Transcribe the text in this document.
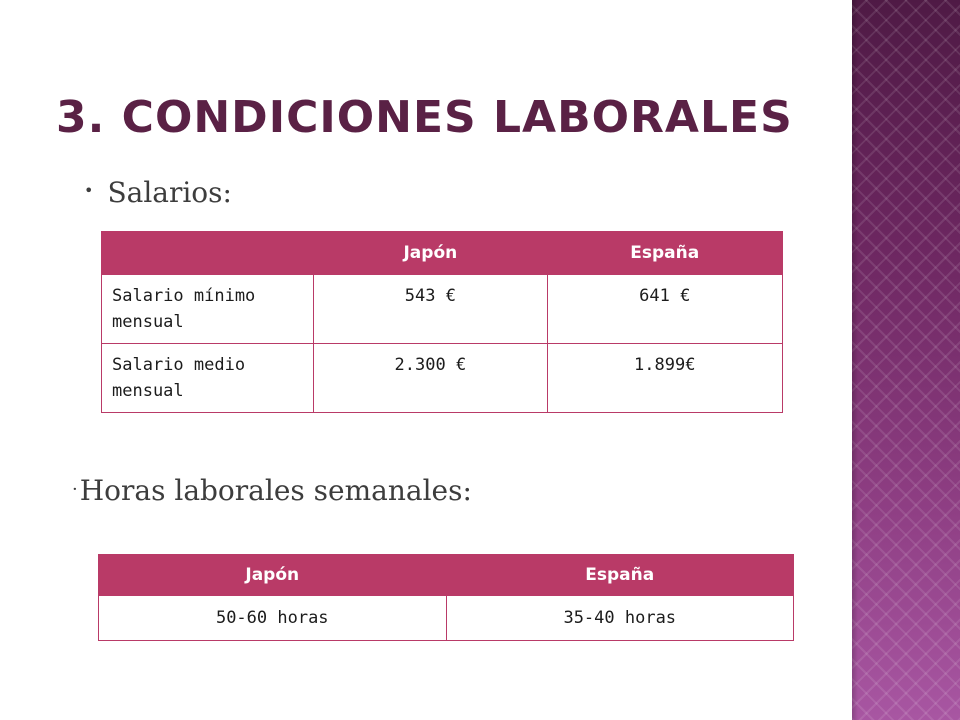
3. CONDICIONES LABORALES
• Salarios:
	Japón	España
Salario mínimo mensual	543 €	641 €
Salario medio mensual	2.300 €	1.899€
·Horas laborales semanales:
Japón	España
50-60 horas	35-40 horas
